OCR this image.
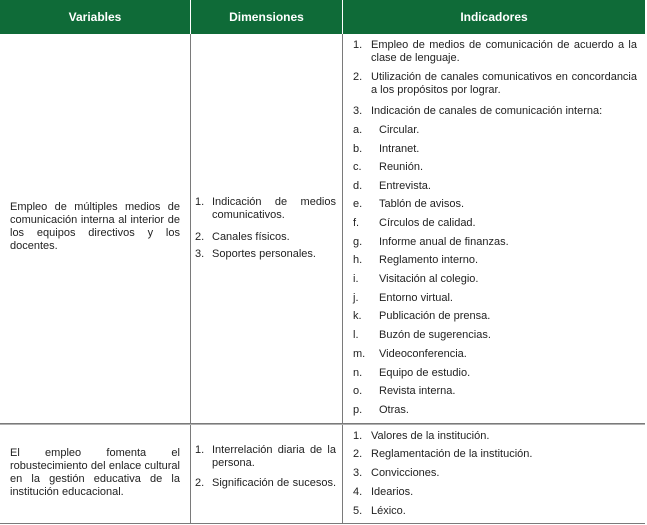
Variables	Dimensiones	Indicadores
Empleo de múltiples medios de comunicación interna al interior de los equipos directivos y los docentes.
1. Indicación de medios comunicativos.
2. Canales físicos.
3. Soportes personales.
1. Empleo de medios de comunicación de acuerdo a la clase de lenguaje.
2. Utilización de canales comunicativos en concordancia a los propósitos por lograr.
3. Indicación de canales de comunicación interna:
a. Circular.
b. Intranet.
c. Reunión.
d. Entrevista.
e. Tablón de avisos.
f. Círculos de calidad.
g. Informe anual de finanzas.
h. Reglamento interno.
i. Visitación al colegio.
j. Entorno virtual.
k. Publicación de prensa.
l. Buzón de sugerencias.
m. Videoconferencia.
n. Equipo de estudio.
o. Revista interna.
p. Otras.
El empleo fomenta el robustecimiento del enlace cultural en la gestión educativa de la institución educacional.
1. Interrelación diaria de la persona.
2. Significación de sucesos.
1. Valores de la institución.
2. Reglamentación de la institución.
3. Convicciones.
4. Idearios.
5. Léxico.
